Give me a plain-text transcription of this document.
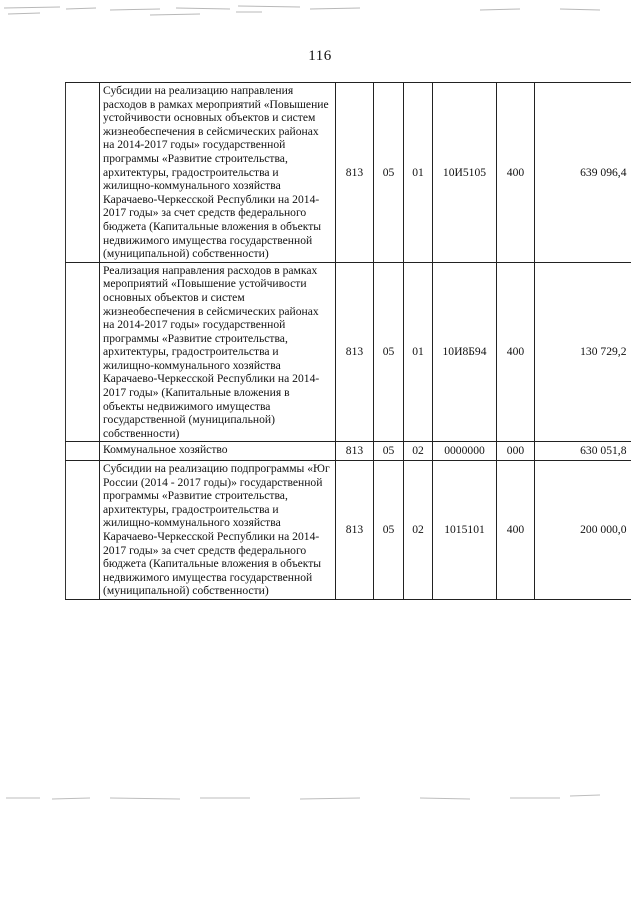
116
	Субсидии на реализацию направления расходов в рамках мероприятий «Повышение устойчивости основных объектов и систем жизнеобеспечения в сейсмических районах на 2014-2017 годы» государственной программы «Развитие строительства, архитектуры, градостроительства и жилищно-коммунального хозяйства Карачаево-Черкесской Республики на 2014-2017 годы» за счет средств федерального бюджета (Капитальные вложения в объекты недвижимого имущества государственной (муниципальной) собственности)	813	05	01	10И5105	400	639 096,4
	Реализация направления расходов в рамках мероприятий «Повышение устойчивости основных объектов и систем жизнеобеспечения в сейсмических районах на 2014-2017 годы» государственной программы «Развитие строительства, архитектуры, градостроительства и жилищно-коммунального хозяйства Карачаево-Черкесской Республики на 2014-2017 годы» (Капитальные вложения в объекты недвижимого имущества государственной (муниципальной) собственности)	813	05	01	10И8Б94	400	130 729,2
	Коммунальное хозяйство	813	05	02	0000000	000	630 051,8
	Субсидии на реализацию подпрограммы «Юг России (2014 - 2017 годы)» государственной программы «Развитие строительства, архитектуры, градостроительства и жилищно-коммунального хозяйства Карачаево-Черкесской Республики на 2014-2017 годы» за счет средств федерального бюджета (Капитальные вложения в объекты недвижимого имущества государственной (муниципальной) собственности)	813	05	02	1015101	400	200 000,0
